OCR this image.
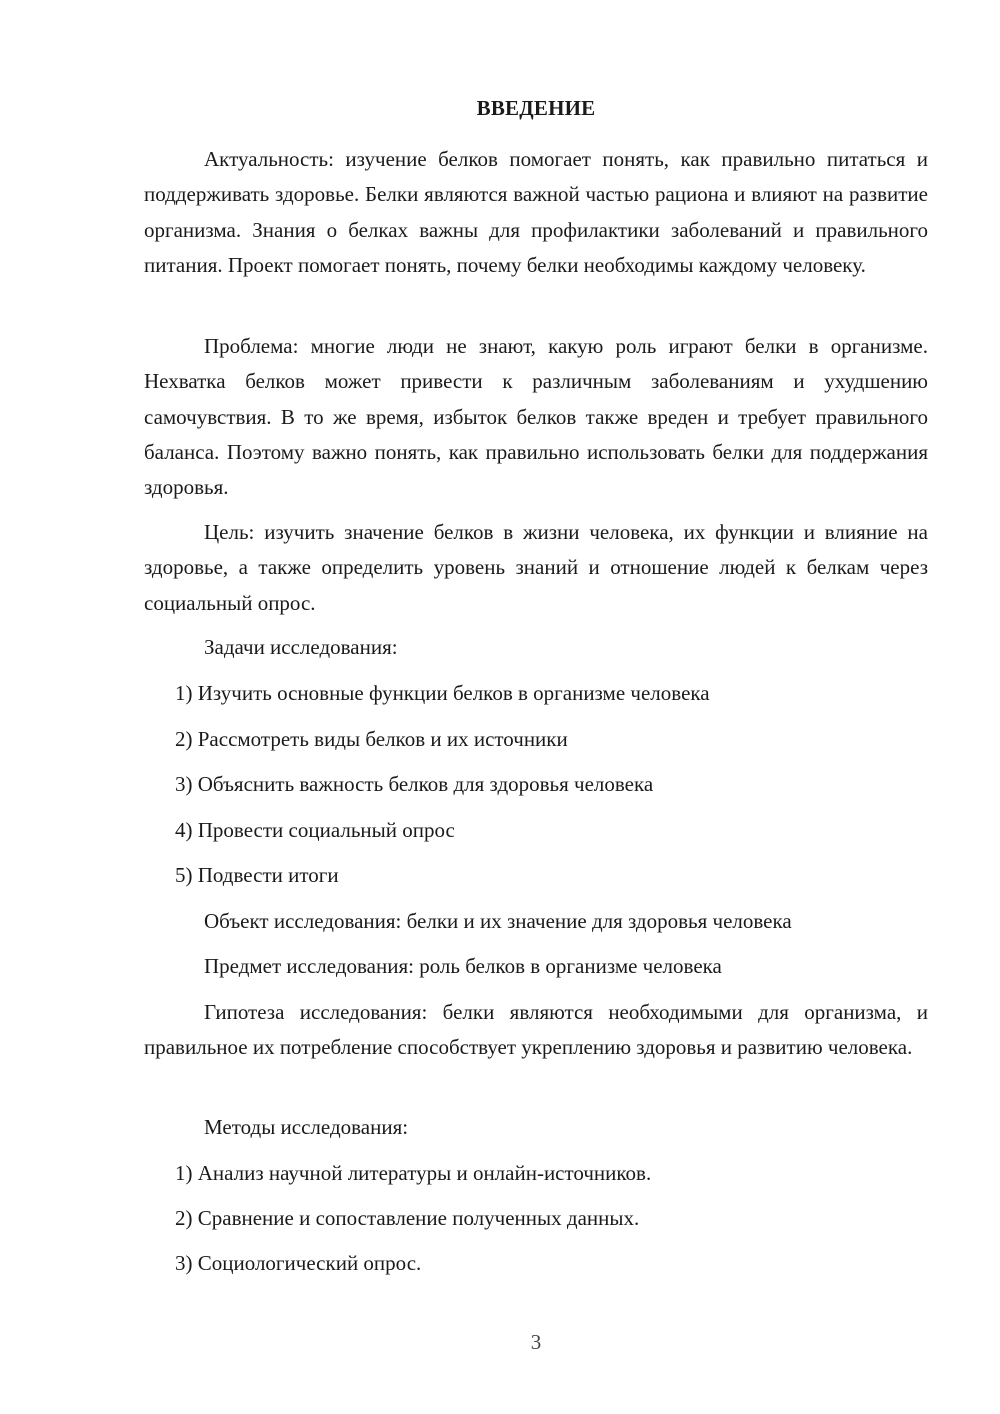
ВВЕДЕНИЕ

Актуальность: изучение белков помогает понять, как правильно питаться и поддерживать здоровье. Белки являются важной частью рациона и влияют на развитие организма. Знания о белках важны для профилактики заболеваний и правильного питания. Проект помогает понять, почему белки необходимы каждому человеку.

Проблема: многие люди не знают, какую роль играют белки в организме. Нехватка белков может привести к различным заболеваниям и ухудшению самочувствия. В то же время, избыток белков также вреден и требует правильного баланса. Поэтому важно понять, как правильно использовать белки для поддержания здоровья.

Цель: изучить значение белков в жизни человека, их функции и влияние на здоровье, а также определить уровень знаний и отношение людей к белкам через социальный опрос.

Задачи исследования:
1) Изучить основные функции белков в организме человека
2) Рассмотреть виды белков и их источники
3) Объяснить важность белков для здоровья человека
4) Провести социальный опрос
5) Подвести итоги
Объект исследования: белки и их значение для здоровья человека
Предмет исследования: роль белков в организме человека

Гипотеза исследования: белки являются необходимыми для организма, и правильное их потребление способствует укреплению здоровья и развитию человека.

Методы исследования:
1) Анализ научной литературы и онлайн-источников.
2) Сравнение и сопоставление полученных данных.
3) Социологический опрос.
3
